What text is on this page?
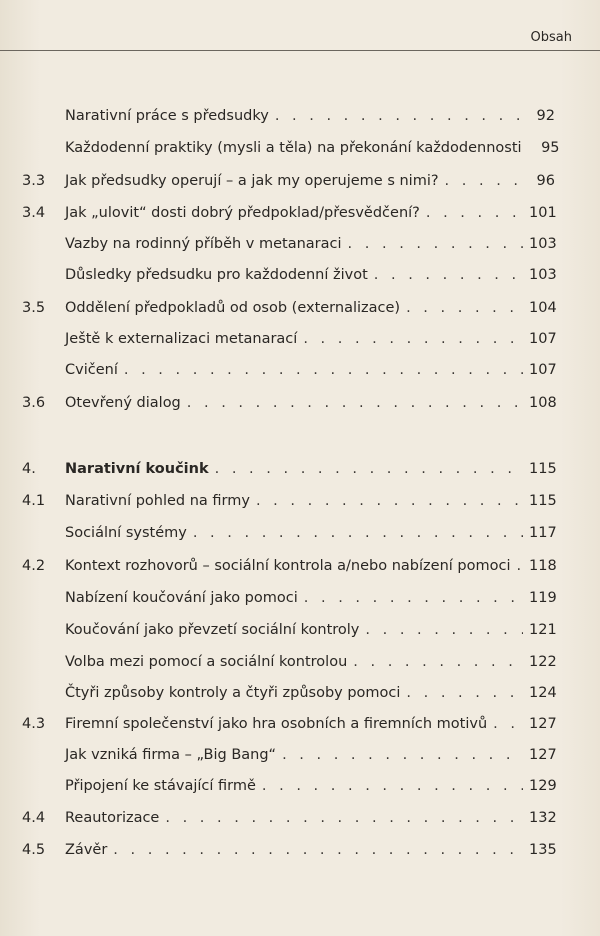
Obsah
Narativní práce s předsudky . . .	92
Každodenní praktiky (mysli a těla) na překonání každodennosti	95
3.3	Jak předsudky operují – a jak my operujeme s nimi? . . .	96
3.4	Jak „ulovit“ dosti dobrý předpoklad/přesvědčení? . . .	101
Vazby na rodinný příběh v metanaraci . . .	103
Důsledky předsudku pro každodenní život . . .	103
3.5	Oddělení předpokladů od osob (externalizace) . . .	104
Ještě k externalizaci metanarací . . .	107
Cvičení . . .	107
3.6	Otevřený dialog . . .	108
4.	Narativní koučink . . .	115
4.1	Narativní pohled na firmy . . .	115
Sociální systémy . . .	117
4.2	Kontext rozhovorů – sociální kontrola a/nebo nabízení pomoci . . . 118
Nabízení koučování jako pomoci . . .	119
Koučování jako převzetí sociální kontroly . . .	121
Volba mezi pomocí a sociální kontrolou . . .	122
Čtyři způsoby kontroly a čtyři způsoby pomoci . . .	124
4.3	Firemní společenství jako hra osobních a firemních motivů . . .	127
Jak vzniká firma – „Big Bang“ . . .	127
Připojení ke stávající firmě . . .	129
4.4	Reautorizace . . .	132
4.5	Závěr . . .	135
